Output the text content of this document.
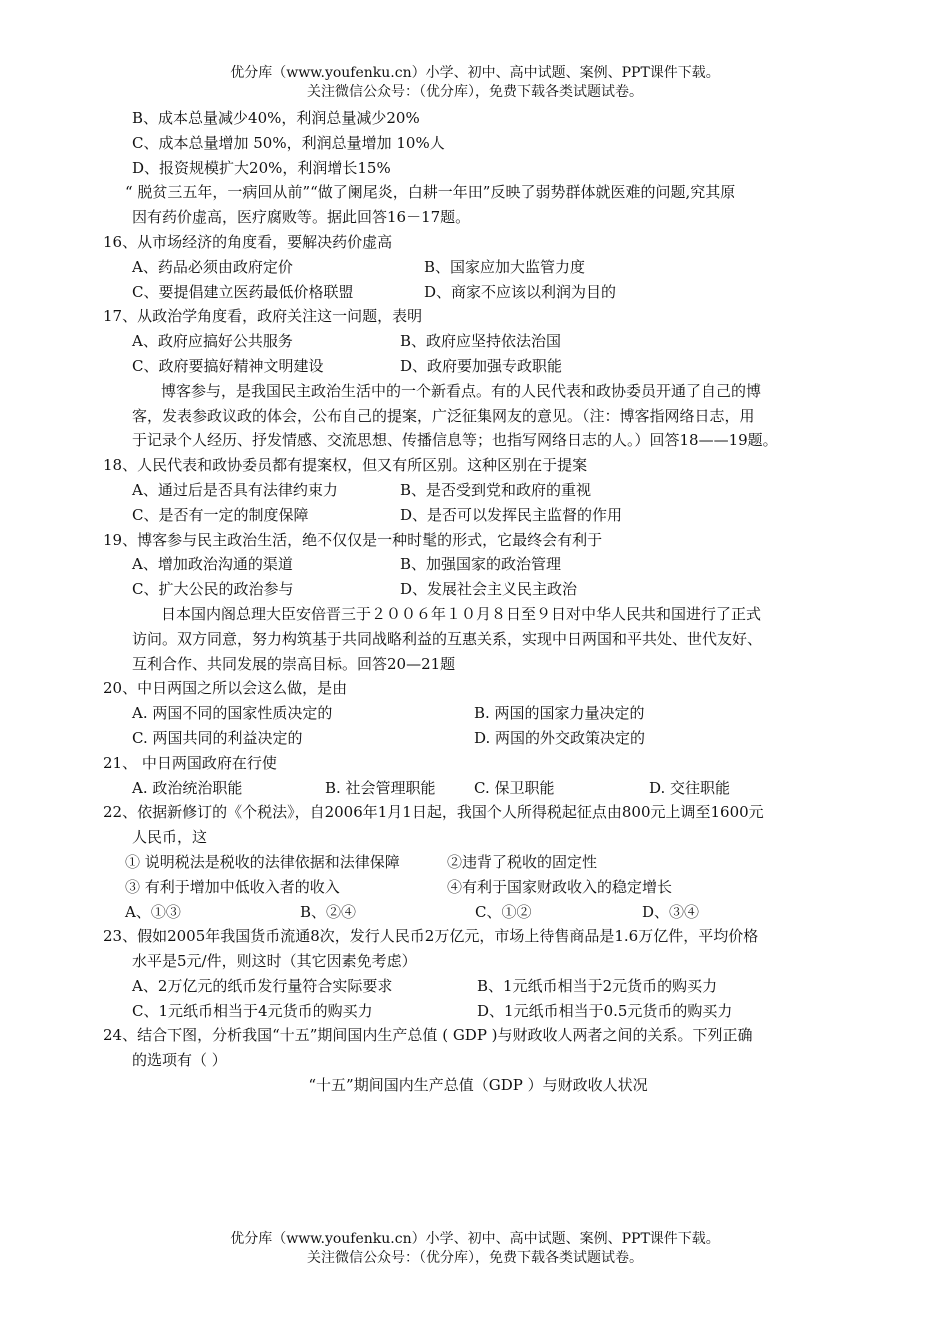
优分库（www.youfenku.cn）小学、初中、高中试题、案例、PPT课件下载。
关注微信公众号：（优分库），免费下载各类试题试卷。
B、成本总量减少40%，利润总量减少20%
C、成本总量增加 50%，利润总量增加 10%人
D、报资规模扩大20%，利润增长15%
“ 脱贫三五年，一病回从前”“做了阑尾炎，白耕一年田”反映了弱势群体就医难的问题,究其原
因有药价虚高，医疗腐败等。据此回答16－17题。
16、从市场经济的角度看，要解决药价虚高
A、药品必须由政府定价	B、国家应加大监管力度
C、要提倡建立医药最低价格联盟	D、商家不应该以利润为目的
17、从政治学角度看，政府关注这一问题，表明
A、政府应搞好公共服务	B、政府应坚持依法治国
C、政府要搞好精神文明建设	D、政府要加强专政职能
博客参与，是我国民主政治生活中的一个新看点。有的人民代表和政协委员开通了自己的博
客，发表参政议政的体会，公布自己的提案，广泛征集网友的意见。（注：博客指网络日志，用
于记录个人经历、抒发情感、交流思想、传播信息等；也指写网络日志的人。）回答18——19题。
18、人民代表和政协委员都有提案权，但又有所区别。这种区别在于提案
A、通过后是否具有法律约束力	B、是否受到党和政府的重视
C、是否有一定的制度保障	D、是否可以发挥民主监督的作用
19、博客参与民主政治生活，绝不仅仅是一种时髦的形式，它最终会有利于
A、增加政治沟通的渠道	B、加强国家的政治管理
C、扩大公民的政治参与	D、发展社会主义民主政治
日本国内阁总理大臣安倍晋三于２００６年１０月８日至９日对中华人民共和国进行了正式
访问。双方同意，努力构筑基于共同战略利益的互惠关系，实现中日两国和平共处、世代友好、
互利合作、共同发展的崇高目标。回答20—21题
20、中日两国之所以会这么做，是由
A. 两国不同的国家性质决定的	B. 两国的国家力量决定的
C. 两国共同的利益决定的	D. 两国的外交政策决定的
21、 中日两国政府在行使
A. 政治统治职能	B. 社会管理职能	C. 保卫职能	D. 交往职能
22、依据新修订的《个税法》，自2006年1月1日起，我国个人所得税起征点由800元上调至1600元
人民币，这
① 说明税法是税收的法律依据和法律保障	②违背了税收的固定性
③ 有利于增加中低收入者的收入	④有利于国家财政收入的稳定增长
A、①③	B、②④	C、①②	D、③④
23、假如2005年我国货币流通8次，发行人民币2万亿元，市场上待售商品是1.6万亿件，平均价格
水平是5元/件，则这时（其它因素免考虑）
A、2万亿元的纸币发行量符合实际要求	B、1元纸币相当于2元货币的购买力
C、1元纸币相当于4元货币的购买力	D、1元纸币相当于0.5元货币的购买力
24、结合下图，分析我国“十五”期间国内生产总值 ( GDP )与财政收人两者之间的关系。下列正确
的选项有（ ）
“十五”期间国内生产总值（GDP ）与财政收人状况
优分库（www.youfenku.cn）小学、初中、高中试题、案例、PPT课件下载。
关注微信公众号：（优分库），免费下载各类试题试卷。
